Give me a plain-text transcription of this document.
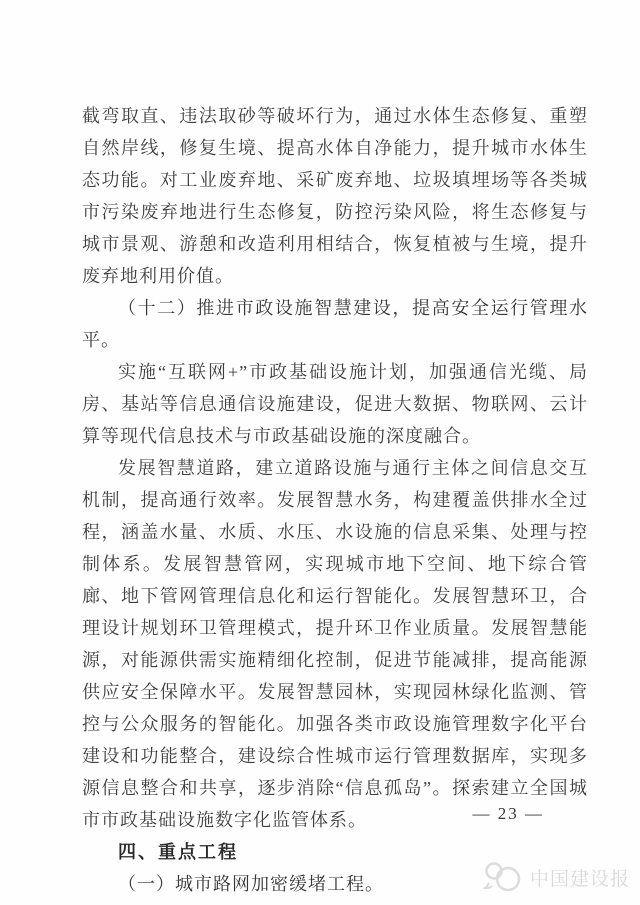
截弯取直、违法取砂等破坏行为，通过水体生态修复、重塑自然岸线，修复生境、提高水体自净能力，提升城市水体生态功能。对工业废弃地、采矿废弃地、垃圾填埋场等各类城市污染废弃地进行生态修复，防控污染风险，将生态修复与城市景观、游憩和改造利用相结合，恢复植被与生境，提升废弃地利用价值。

（十二）推进市政设施智慧建设，提高安全运行管理水平。

实施“互联网+”市政基础设施计划，加强通信光缆、局房、基站等信息通信设施建设，促进大数据、物联网、云计算等现代信息技术与市政基础设施的深度融合。

发展智慧道路，建立道路设施与通行主体之间信息交互机制，提高通行效率。发展智慧水务，构建覆盖供排水全过程，涵盖水量、水质、水压、水设施的信息采集、处理与控制体系。发展智慧管网，实现城市地下空间、地下综合管廊、地下管网管理信息化和运行智能化。发展智慧环卫，合理设计规划环卫管理模式，提升环卫作业质量。发展智慧能源，对能源供需实施精细化控制，促进节能减排，提高能源供应安全保障水平。发展智慧园林，实现园林绿化监测、管控与公众服务的智能化。加强各类市政设施管理数字化平台建设和功能整合，建设综合性城市运行管理数据库，实现多源信息整合和共享，逐步消除“信息孤岛”。探索建立全国城市市政基础设施数字化监管体系。

四、重点工程

（一）城市路网加密缓堵工程。

— 23 —
中国建设报
